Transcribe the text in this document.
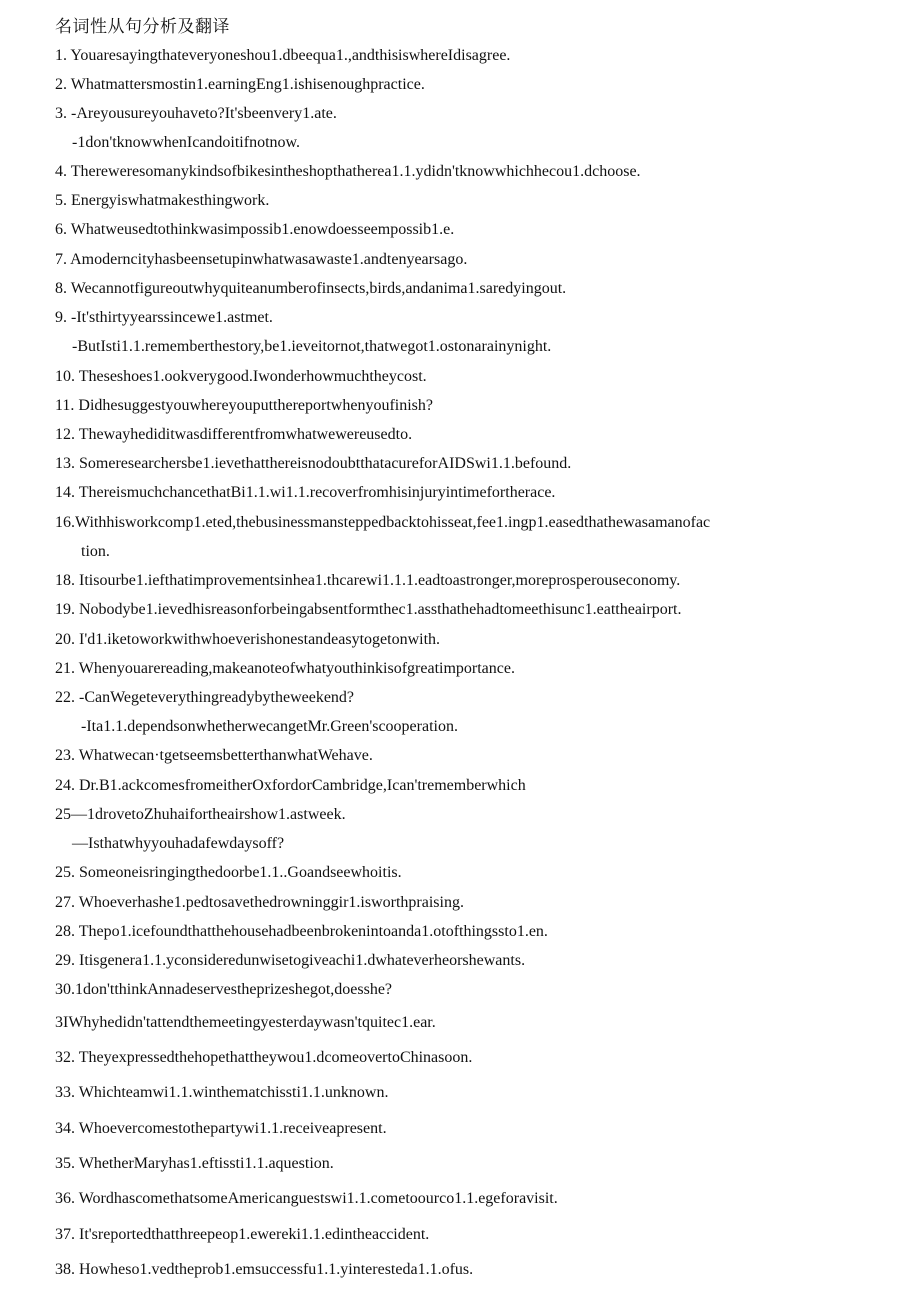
名词性从句分析及翻译
1. Youaresayingthateveryoneshou1.dbeequa1.,andthisiswhereIdisagree.
2. Whatmattersmostin1.earningEng1.ishisenoughpractice.
3. -Areyousureyouhaveto?It'sbeenvery1.ate.
-1don'tknowwhenIcandoitifnotnow.
4. Thereweresomanykindsofbikesintheshopthatherea1.1.ydidn'tknowwhichhecou1.dchoose.
5. Energyiswhatmakesthingwork.
6. Whatweusedtothinkwasimpossib1.enowdoesseempossib1.e.
7. Amoderncityhasbeensetupinwhatwasawaste1.andtenyearsago.
8. Wecannotfigureoutwhyquiteanumberofinsects,birds,andanima1.saredyingout.
9. -It'sthirtyyearssincewe1.astmet.
-ButIsti1.1.rememberthestory,be1.ieveitornot,thatwegot1.ostonarainynight.
10. Theseshoes1.ookverygood.Iwonderhowmuchtheycost.
11. Didhesuggestyouwhereyouputthereportwhenyoufinish?
12. Thewayhediditwasdifferentfromwhatwewereusedto.
13. Someresearchersbe1.ievethatthereisnodoubtthatacureforAIDSwi1.1.befound.
14. ThereismuchchancethatBi1.1.wi1.1.recoverfromhisinjuryintimefortherace.
16.Withhisworkcomp1.eted,thebusinessmansteppedbacktohisseat,fee1.ingp1.easedthathewasamanofac
tion.
18. Itisourbe1.iefthatimprovementsinhea1.thcarewi1.1.1.eadtoastronger,moreprosperouseconomy.
19. Nobodybe1.ievedhisreasonforbeingabsentformthec1.assthathehadtomeethisunc1.eattheairport.
20. I'd1.iketoworkwithwhoeverishonestandeasytogetonwith.
21. Whenyouarereading,makeanoteofwhatyouthinkisofgreatimportance.
22. -CanWegeteverythingreadybytheweekend?
-Ita1.1.dependsonwhetherwecangetMr.Green'scooperation.
23. Whatwecan·tgetseemsbetterthanwhatWehave.
24. Dr.B1.ackcomesfromeitherOxfordorCambridge,Ican'trememberwhich
25—1drovetoZhuhaifortheairshow1.astweek.
—Isthatwhyyouhadafewdaysoff?
25. Someoneisringingthedoorbe1.1..Goandseewhoitis.
27. Whoeverhashe1.pedtosavethedrowninggir1.isworthpraising.
28. Thepo1.icefoundthatthehousehadbeenbrokenintoanda1.otofthingssto1.en.
29. Itisgenera1.1.yconsideredunwisetogiveachi1.dwhateverheorshewants.
30.1don'tthinkAnnadeservestheprizeshegot,doesshe?
3IWhyhedidn'tattendthemeetingyesterdaywasn'tquitec1.ear.
32. Theyexpressedthehopethattheywou1.dcomeovertoChinasoon.
33. Whichteamwi1.1.winthematchissti1.1.unknown.
34. Whoevercomestothepartywi1.1.receiveapresent.
35. WhetherMaryhas1.eftissti1.1.aquestion.
36. WordhascomethatsomeAmericanguestswi1.1.cometoourco1.1.egeforavisit.
37. It'sreportedthatthreepeop1.ewereki1.1.edintheaccident.
38. Howheso1.vedtheprob1.emsuccessfu1.1.yinteresteda1.1.ofus.
